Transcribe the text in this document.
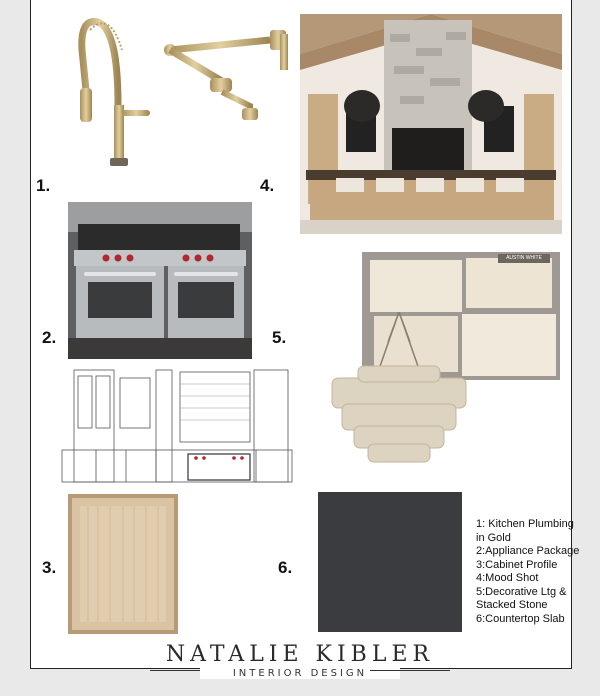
AUSTIN WHITE
1.
2.
3.
4.
5.
6.
1: Kitchen Plumbing
in Gold
2:Appliance Package
3:Cabinet Profile
4:Mood Shot
5:Decorative Ltg &
Stacked Stone
6:Countertop Slab
NATALIE KIBLER
INTERIOR DESIGN
